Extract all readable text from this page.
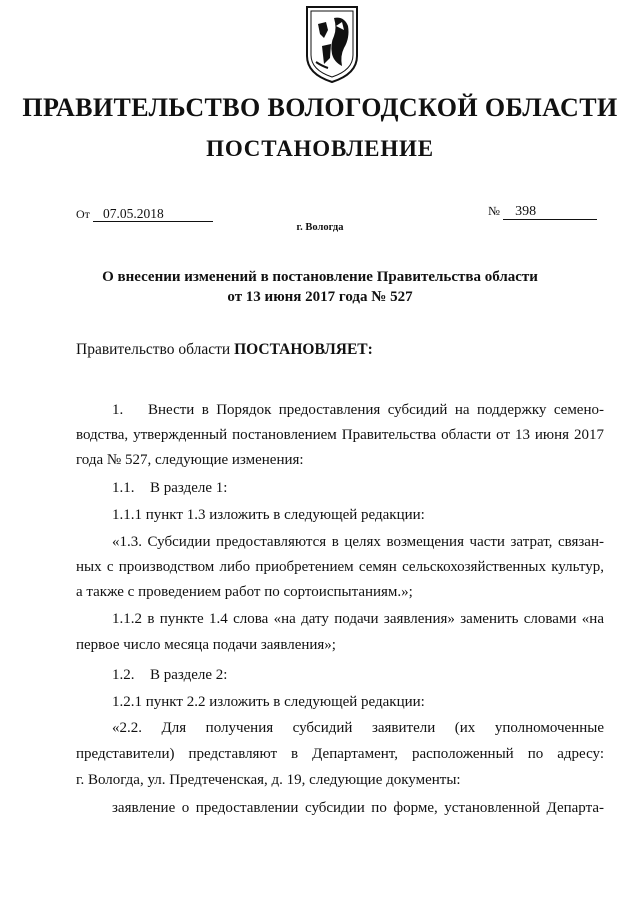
ПРАВИТЕЛЬСТВО ВОЛОГОДСКОЙ ОБЛАСТИ
ПОСТАНОВЛЕНИЕ
От 07.05.2018	№ 398
г. Вологда
О внесении изменений в постановление Правительства области
от 13 июня 2017 года № 527
Правительство области ПОСТАНОВЛЯЕТ:
1. Внести в Порядок предоставления субсидий на поддержку семено-
водства, утвержденный постановлением Правительства области от 13 июня 2017
года № 527, следующие изменения:
1.1. В разделе 1:
1.1.1 пункт 1.3 изложить в следующей редакции:
«1.3. Субсидии предоставляются в целях возмещения части затрат, связан-
ных с производством либо приобретением семян сельскохозяйственных культур,
а также с проведением работ по сортоиспытаниям.»;
1.1.2 в пункте 1.4 слова «на дату подачи заявления» заменить словами «на
первое число месяца подачи заявления»;
1.2. В разделе 2:
1.2.1 пункт 2.2 изложить в следующей редакции:
«2.2. Для получения субсидий заявители (их уполномоченные
представители) представляют в Департамент, расположенный по адресу:
г. Вологда, ул. Предтеченская, д. 19, следующие документы:
заявление о предоставлении субсидии по форме, установленной Департа-
